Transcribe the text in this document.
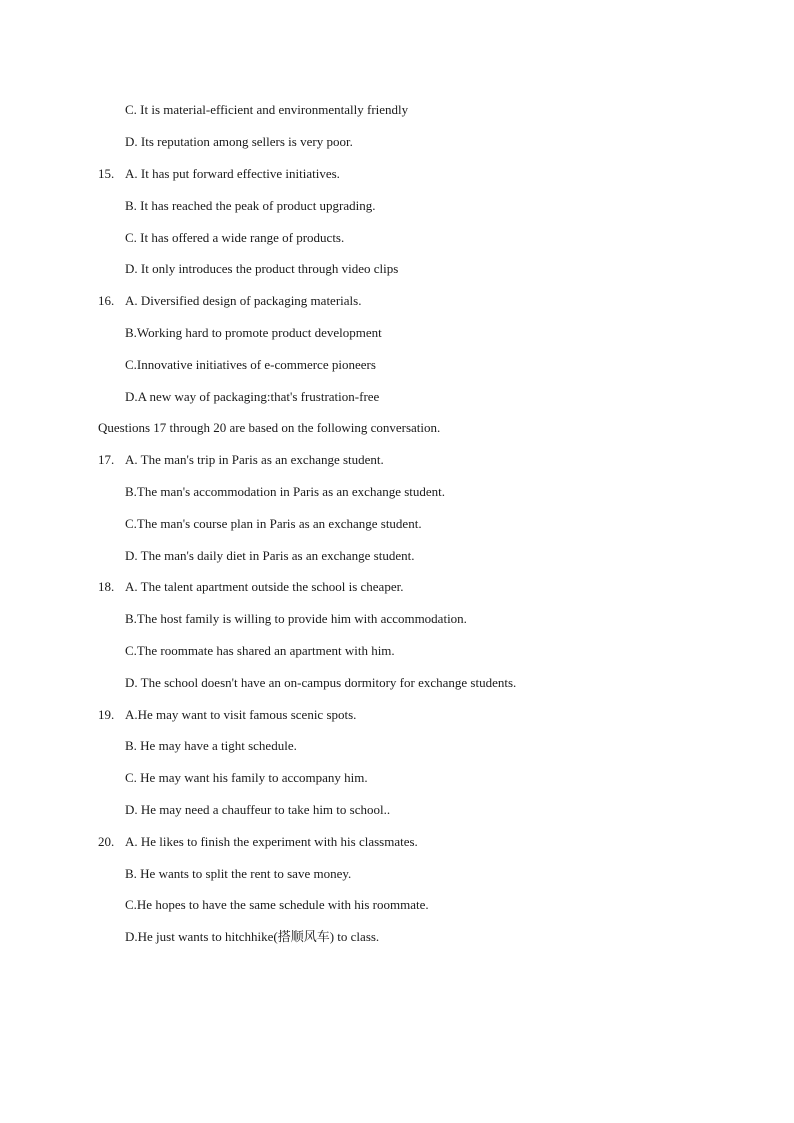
C. It is material-efficient and environmentally friendly
D. Its reputation among sellers is very poor.
15. A. It has put forward effective initiatives.
B. It has reached the peak of product upgrading.
C. It has offered a wide range of products.
D. It only introduces the product through video clips
16. A. Diversified design of packaging materials.
B.Working hard to promote product development
C.Innovative initiatives of e-commerce pioneers
D.A new way of packaging:that's frustration-free
Questions 17 through 20 are based on the following conversation.
17. A. The man's trip in Paris as an exchange student.
B.The man's accommodation in Paris as an exchange student.
C.The man's course plan in Paris as an exchange student.
D. The man's daily diet in Paris as an exchange student.
18. A. The talent apartment outside the school is cheaper.
B.The host family is willing to provide him with accommodation.
C.The roommate has shared an apartment with him.
D. The school doesn't have an on-campus dormitory for exchange students.
19. A.He may want to visit famous scenic spots.
B. He may have a tight schedule.
C. He may want his family to accompany him.
D. He may need a chauffeur to take him to school..
20. A. He likes to finish the experiment with his classmates.
B. He wants to split the rent to save money.
C.He hopes to have the same schedule with his roommate.
D.He just wants to hitchhike(搭顺风车) to class.
